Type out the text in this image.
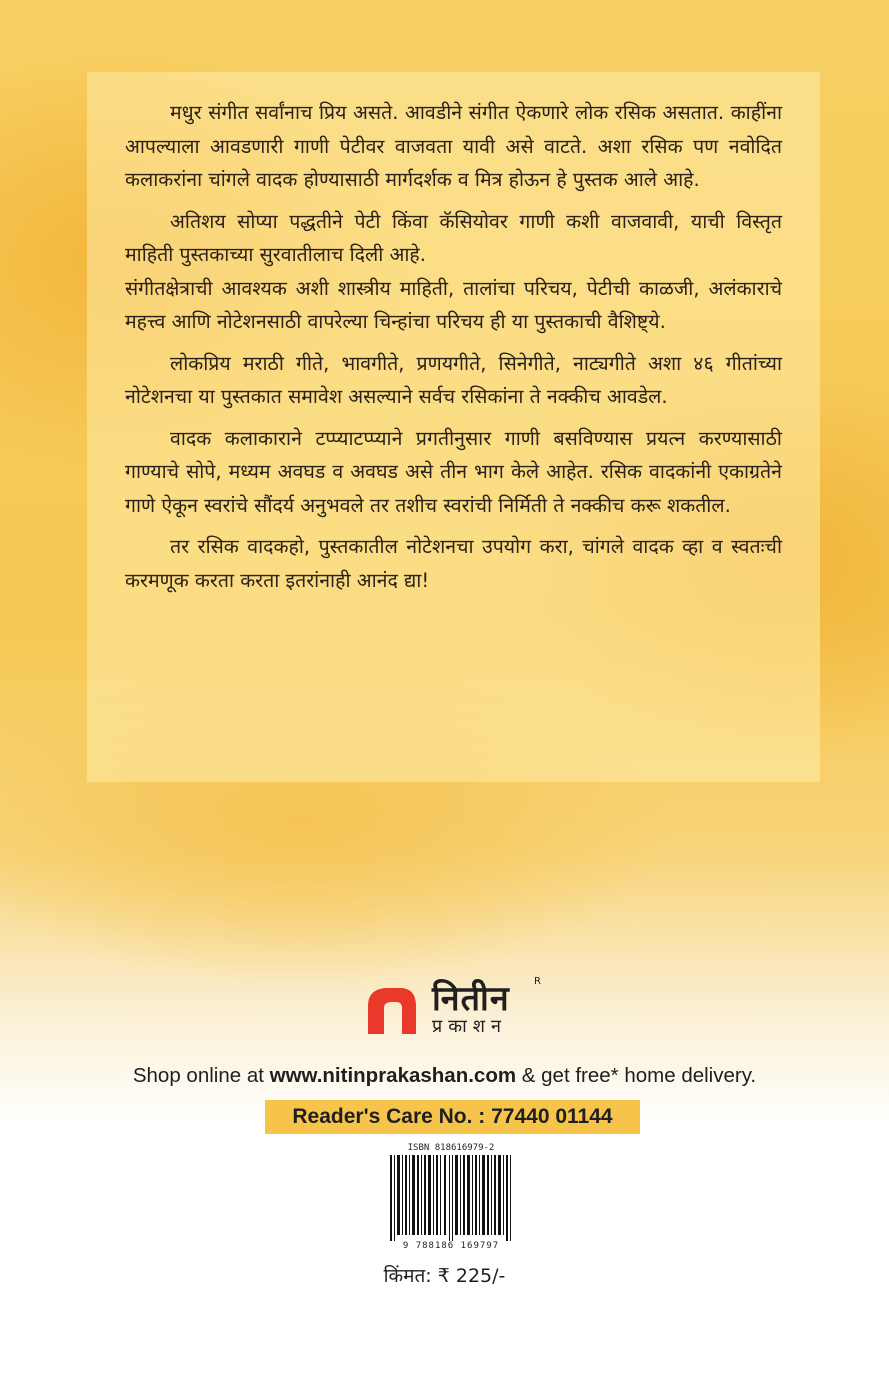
मधुर संगीत सर्वांनाच प्रिय असते. आवडीने संगीत ऐकणारे लोक रसिक असतात. काहींना आपल्याला आवडणारी गाणी पेटीवर वाजवता यावी असे वाटते. अशा रसिक पण नवोदित कलाकरांना चांगले वादक होण्यासाठी मार्गदर्शक व मित्र होऊन हे पुस्तक आले आहे.

अतिशय सोप्या पद्धतीने पेटी किंवा कॅसियोवर गाणी कशी वाजवावी, याची विस्तृत माहिती पुस्तकाच्या सुरवातीलाच दिली आहे.

संगीतक्षेत्राची आवश्यक अशी शास्त्रीय माहिती, तालांचा परिचय, पेटीची काळजी, अलंकाराचे महत्त्व आणि नोटेशनसाठी वापरेल्या चिन्हांचा परिचय ही या पुस्तकाची वैशिष्ट्ये.

लोकप्रिय मराठी गीते, भावगीते, प्रणयगीते, सिनेगीते, नाट्यगीते अशा ४६ गीतांच्या नोटेशनचा या पुस्तकात समावेश असल्याने सर्वच रसिकांना ते नक्कीच आवडेल.

वादक कलाकाराने टप्प्याटप्प्याने प्रगतीनुसार गाणी बसविण्यास प्रयत्न करण्यासाठी गाण्याचे सोपे, मध्यम अवघड व अवघड असे तीन भाग केले आहेत. रसिक वादकांनी एकाग्रतेने गाणे ऐकून स्वरांचे सौंदर्य अनुभवले तर तशीच स्वरांची निर्मिती ते नक्कीच करू शकतील.

तर रसिक वादकहो, पुस्तकातील नोटेशनचा उपयोग करा, चांगले वादक व्हा व स्वतःची करमणूक करता करता इतरांनाही आनंद द्या!

नितीन R
प्रकाशन
Shop online at www.nitinprakashan.com & get free* home delivery.
Reader's Care No. : 77440 01144
ISBN 818616979-2
9 788186 169797
किंमत: ₹ 225/-
